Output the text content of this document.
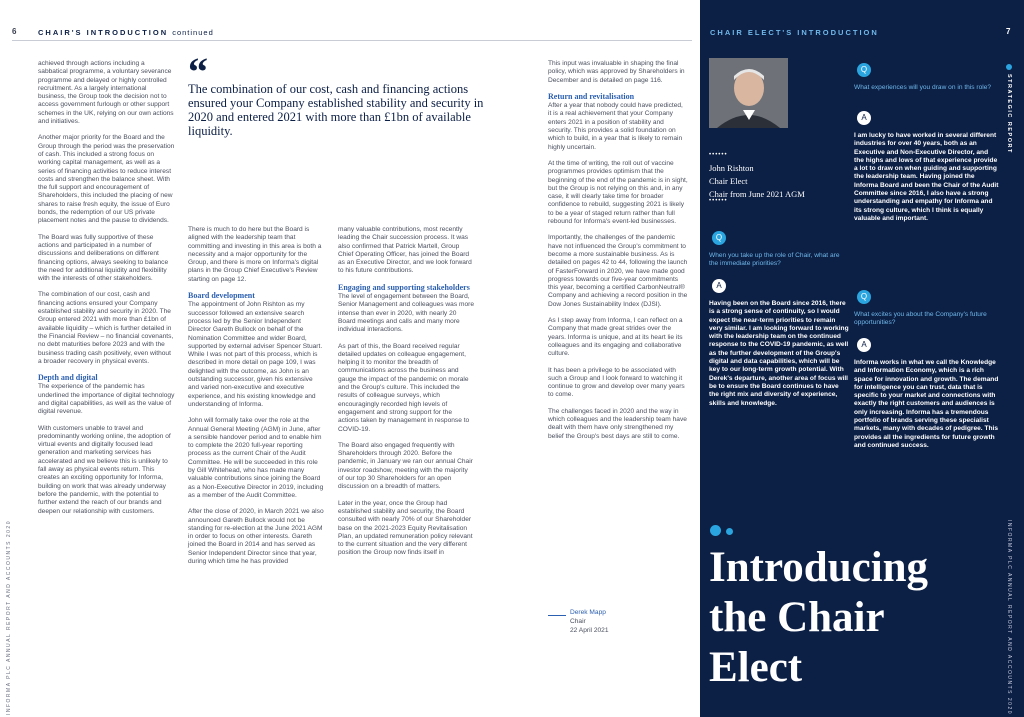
6	CHAIR'S INTRODUCTION continued
INFORMA PLC ANNUAL REPORT AND ACCOUNTS 2020

achieved through actions including a sabbatical programme, a voluntary severance programme and delayed or highly controlled recruitment. As a largely international business, the Group took the decision not to access government furlough or other support schemes in the UK, relying on our own actions and initiatives.

Another major priority for the Board and the Group through the period was the preservation of cash. This included a strong focus on working capital management, as well as a series of financing activities to reduce interest costs and strengthen the balance sheet. With the full support and encouragement of Shareholders, this included the placing of new shares to raise fresh equity, the issue of Euro bonds, the redemption of our US private placement notes and the pause to dividends.

The Board was fully supportive of these actions and participated in a number of discussions and deliberations on different financing options, always seeking to balance the need for additional liquidity and flexibility with the interests of other stakeholders.

The combination of our cost, cash and financing actions ensured your Company established stability and security in 2020. The Group entered 2021 with more than £1bn of available liquidity – which is further detailed in the Financial Review – no financial covenants, no debt maturities before 2023 and with the business trading cash positively, even without a broader recovery in physical events.

Depth and digital

The experience of the pandemic has underlined the importance of digital technology and digital capabilities, as well as the value of digital revenue.

With customers unable to travel and predominantly working online, the adoption of virtual events and digitally focused lead generation and marketing services has accelerated and we believe this is unlikely to fall away as physical events return. This creates an exciting opportunity for Informa, building on work that was already underway before the pandemic, with the potential to further extend the reach of our brands and deepen our relationship with customers.

“
The combination of our cost, cash and financing actions ensured your Company established stability and security in 2020 and entered 2021 with more than £1bn of available liquidity.

There is much to do here but the Board is aligned with the leadership team that committing and investing in this area is both a necessity and a major opportunity for the Group, and there is more on Informa's digital plans in the Group Chief Executive's Review starting on page 12.

Board development

The appointment of John Rishton as my successor followed an extensive search process led by the Senior Independent Director Gareth Bullock on behalf of the Nomination Committee and wider Board, supported by external adviser Spencer Stuart. While I was not part of this process, which is described in more detail on page 109, I was delighted with the outcome, as John is an outstanding successor, given his extensive and varied non-executive and executive experience, and his existing knowledge and understanding of Informa.

John will formally take over the role at the Annual General Meeting (AGM) in June, after a sensible handover period and to enable him to complete the 2020 full-year reporting process as the current Chair of the Audit Committee. He will be succeeded in this role by Gill Whitehead, who has made many valuable contributions since joining the Board as a Non-Executive Director in 2019, including as a member of the Audit Committee.

After the close of 2020, in March 2021 we also announced Gareth Bullock would not be standing for re-election at the June 2021 AGM in order to focus on other interests. Gareth joined the Board in 2014 and has served as Senior Independent Director since that year, during which time he has provided

many valuable contributions, most recently leading the Chair succession process. It was also confirmed that Patrick Martell, Group Chief Operating Officer, has joined the Board as an Executive Director, and we look forward to his future contributions.

Engaging and supporting stakeholders

The level of engagement between the Board, Senior Management and colleagues was more intense than ever in 2020, with nearly 20 Board meetings and calls and many more individual interactions.

As part of this, the Board received regular detailed updates on colleague engagement, helping it to monitor the breadth of communications across the business and gauge the impact of the pandemic on morale and the Group's culture. This included the results of colleague surveys, which encouragingly recorded high levels of engagement and strong support for the actions taken by management in response to COVID-19.

The Board also engaged frequently with Shareholders through 2020. Before the pandemic, in January we ran our annual Chair investor roadshow, meeting with the majority of our top 30 Shareholders for an open discussion on a breadth of matters.

Later in the year, once the Group had established stability and security, the Board consulted with nearly 70% of our Shareholder base on the 2021-2023 Equity Revitalisation Plan, an updated remuneration policy relevant to the current situation and the very different position the Group now finds itself in

This input was invaluable in shaping the final policy, which was approved by Shareholders in December and is detailed on page 116.

Return and revitalisation

After a year that nobody could have predicted, it is a real achievement that your Company enters 2021 in a position of stability and security. This provides a solid foundation on which to build, in a year that is likely to remain highly uncertain.

At the time of writing, the roll out of vaccine programmes provides optimism that the beginning of the end of the pandemic is in sight, but the Group is not relying on this and, in any case, it will clearly take time for broader confidence to rebuild, suggesting 2021 is likely to be a year of staged return rather than full rebound for Informa's event-led businesses.

Importantly, the challenges of the pandemic have not influenced the Group's commitment to become a more sustainable business. As is detailed on pages 42 to 44, following the launch of FasterForward in 2020, we have made good progress towards our five-year commitments this year, becoming a certified CarbonNeutral® Company and achieving a record position in the Dow Jones Sustainability Index (DJSI).

As I step away from Informa, I can reflect on a Company that made great strides over the years. Informa is unique, and at its heart lie its colleagues and its engaging and collaborative culture.

It has been a privilege to be associated with such a Group and I look forward to watching it continue to grow and develop over many years to come.

The challenges faced in 2020 and the way in which colleagues and the leadership team have dealt with them have only strengthened my belief the Group's best days are still to come.

Derek Mapp
Chair
22 April 2021
CHAIR ELECT'S INTRODUCTION	7
STRATEGIC REPORT
INFORMA PLC ANNUAL REPORT AND ACCOUNTS 2020
••••••
John Rishton
Chair Elect
Chair from June 2021 AGM
••••••
Q
What experiences will you draw on in this role?
A
I am lucky to have worked in several different industries for over 40 years, both as an Executive and Non-Executive Director, and the highs and lows of that experience provide a lot to draw on when guiding and supporting the leadership team. Having joined the Informa Board and been the Chair of the Audit Committee since 2016, I also have a strong understanding and empathy for Informa and its strong culture, which I think is equally valuable and important.
Q
When you take up the role of Chair, what are the immediate priorities?
A
Having been on the Board since 2016, there is a strong sense of continuity, so I would expect the near-term priorities to remain very similar. I am looking forward to working with the leadership team on the continued response to the COVID-19 pandemic, as well as the further development of the Group's digital and data capabilities, which will be key to our long-term growth potential. With Derek's departure, another area of focus will be to ensure the Board continues to have the right mix and diversity of experience, skills and knowledge.
Q
What excites you about the Company's future opportunities?
A
Informa works in what we call the Knowledge and Information Economy, which is a rich space for innovation and growth. The demand for intelligence you can trust, data that is specific to your market and connections with exactly the right customers and audiences is only increasing. Informa has a tremendous portfolio of brands serving these specialist markets, many with decades of pedigree. This provides all the ingredients for future growth and continued success.
Introducing
the Chair
Elect
